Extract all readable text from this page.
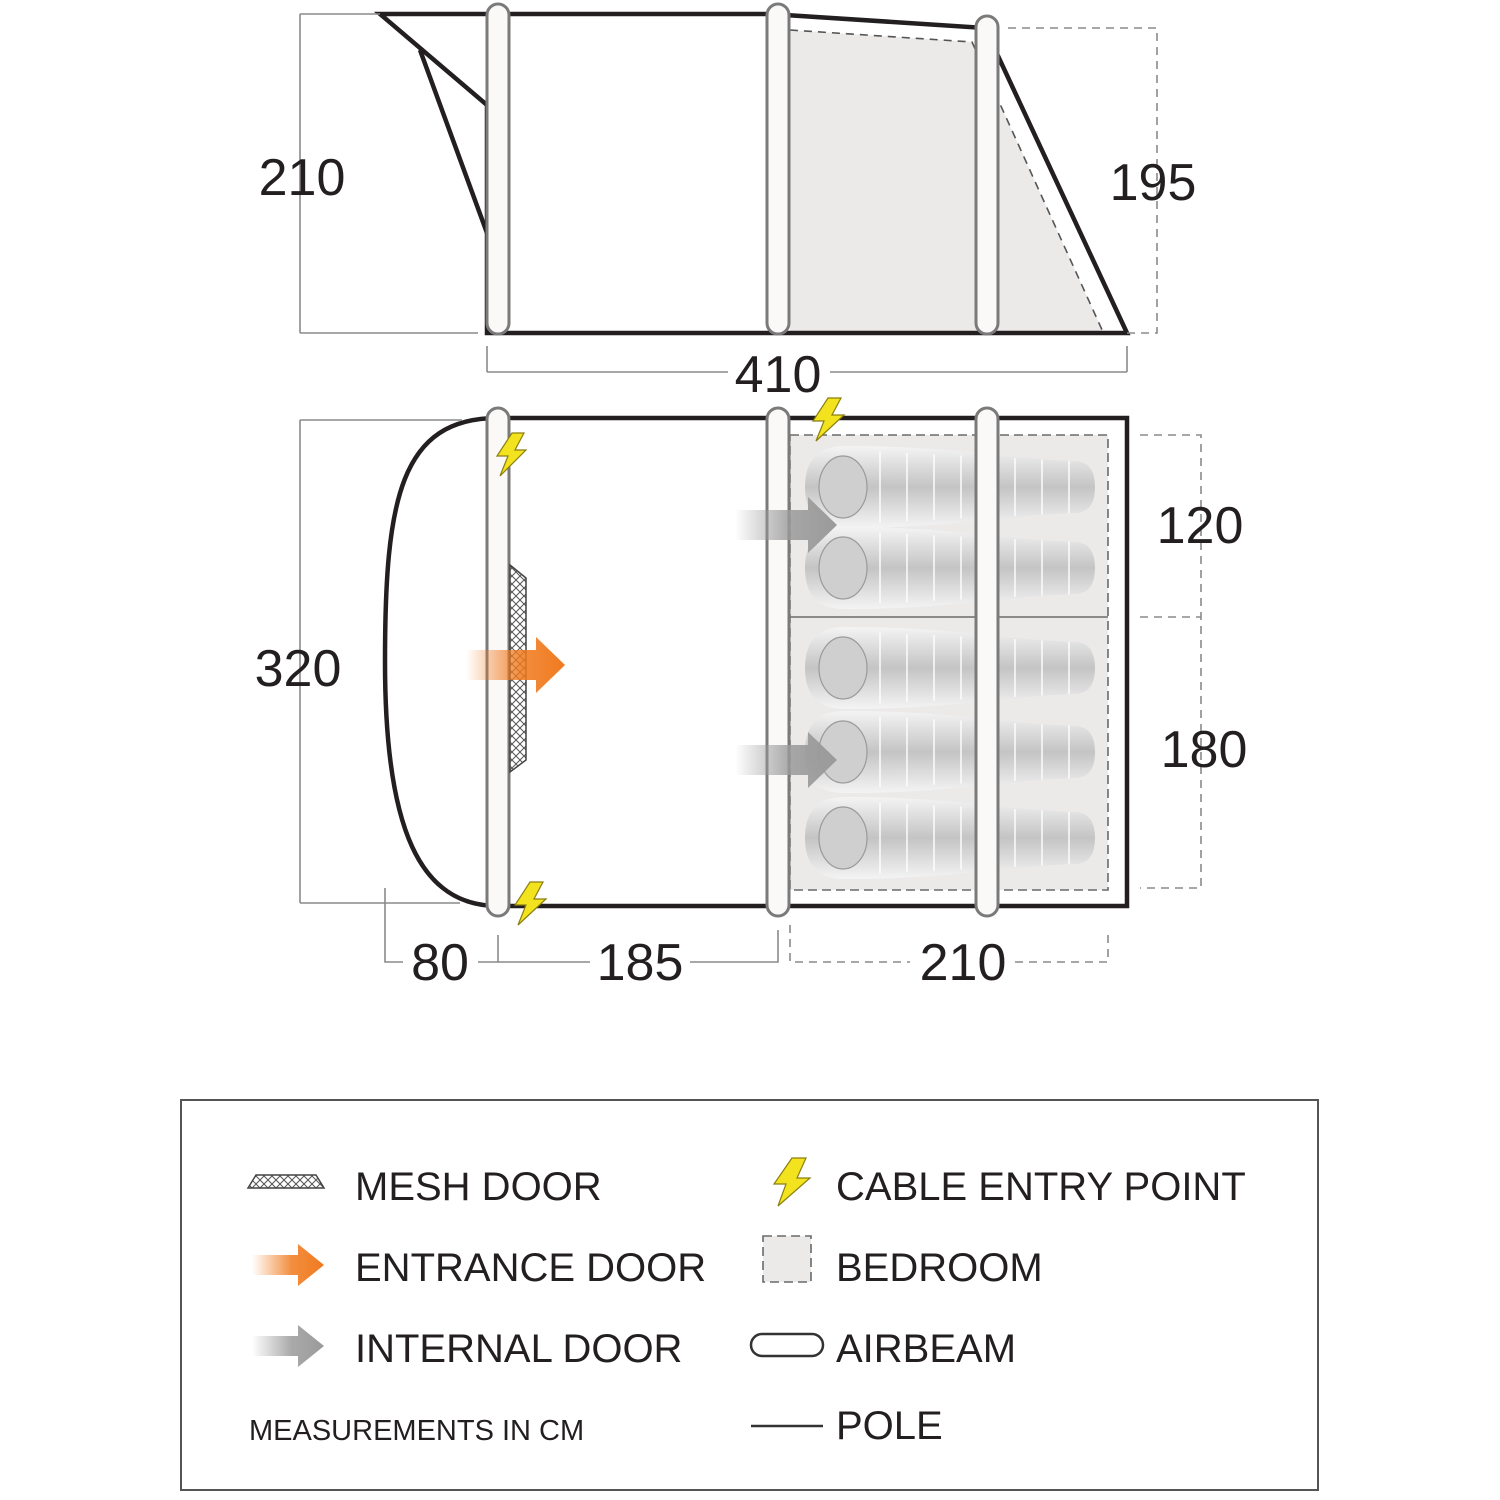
210	195
410
320
120
180
80 185	210
MESH DOOR
ENTRANCE DOOR
INTERNAL DOOR
MEASUREMENTS IN CM
CABLE ENTRY POINT
BEDROOM
AIRBEAM
POLE
